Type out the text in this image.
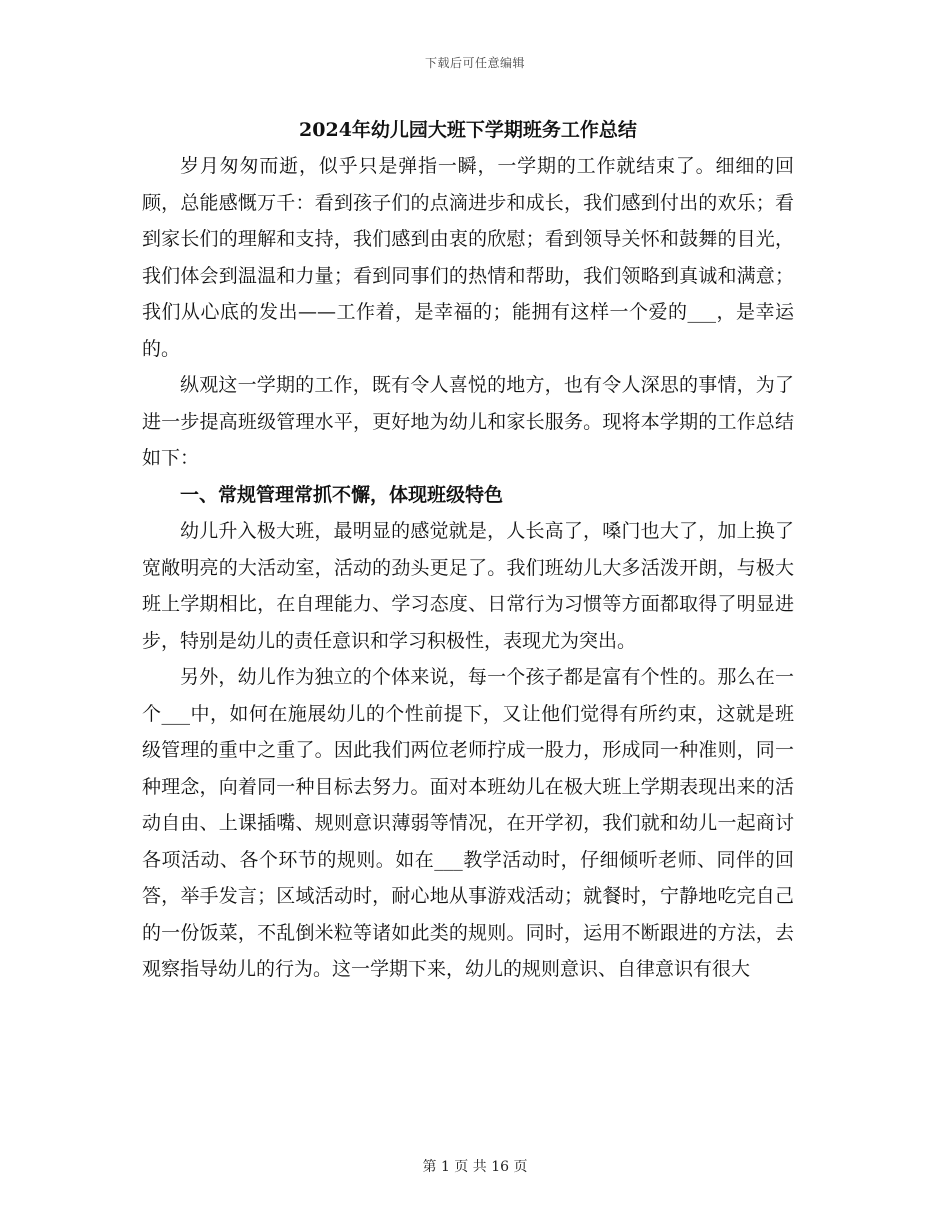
下载后可任意编辑
2024年幼儿园大班下学期班务工作总结

岁月匆匆而逝，似乎只是弹指一瞬，一学期的工作就结束了。细细的回顾，总能感慨万千：看到孩子们的点滴进步和成长，我们感到付出的欢乐；看到家长们的理解和支持，我们感到由衷的欣慰；看到领导关怀和鼓舞的目光，我们体会到温温和力量；看到同事们的热情和帮助，我们领略到真诚和满意；我们从心底的发出——工作着，是幸福的；能拥有这样一个爱的___，是幸运的。

纵观这一学期的工作，既有令人喜悦的地方，也有令人深思的事情，为了进一步提高班级管理水平，更好地为幼儿和家长服务。现将本学期的工作总结如下：

一、常规管理常抓不懈，体现班级特色

幼儿升入极大班，最明显的感觉就是，人长高了，嗓门也大了，加上换了宽敞明亮的大活动室，活动的劲头更足了。我们班幼儿大多活泼开朗，与极大班上学期相比，在自理能力、学习态度、日常行为习惯等方面都取得了明显进步，特别是幼儿的责任意识和学习积极性，表现尤为突出。

另外，幼儿作为独立的个体来说，每一个孩子都是富有个性的。那么在一个___中，如何在施展幼儿的个性前提下，又让他们觉得有所约束，这就是班级管理的重中之重了。因此我们两位老师拧成一股力，形成同一种准则，同一种理念，向着同一种目标去努力。面对本班幼儿在极大班上学期表现出来的活动自由、上课插嘴、规则意识薄弱等情况，在开学初，我们就和幼儿一起商讨各项活动、各个环节的规则。如在___教学活动时，仔细倾听老师、同伴的回答，举手发言；区域活动时，耐心地从事游戏活动；就餐时，宁静地吃完自己的一份饭菜，不乱倒米粒等诸如此类的规则。同时，运用不断跟进的方法，去观察指导幼儿的行为。这一学期下来，幼儿的规则意识、自律意识有很大

第 1 页 共 16 页
